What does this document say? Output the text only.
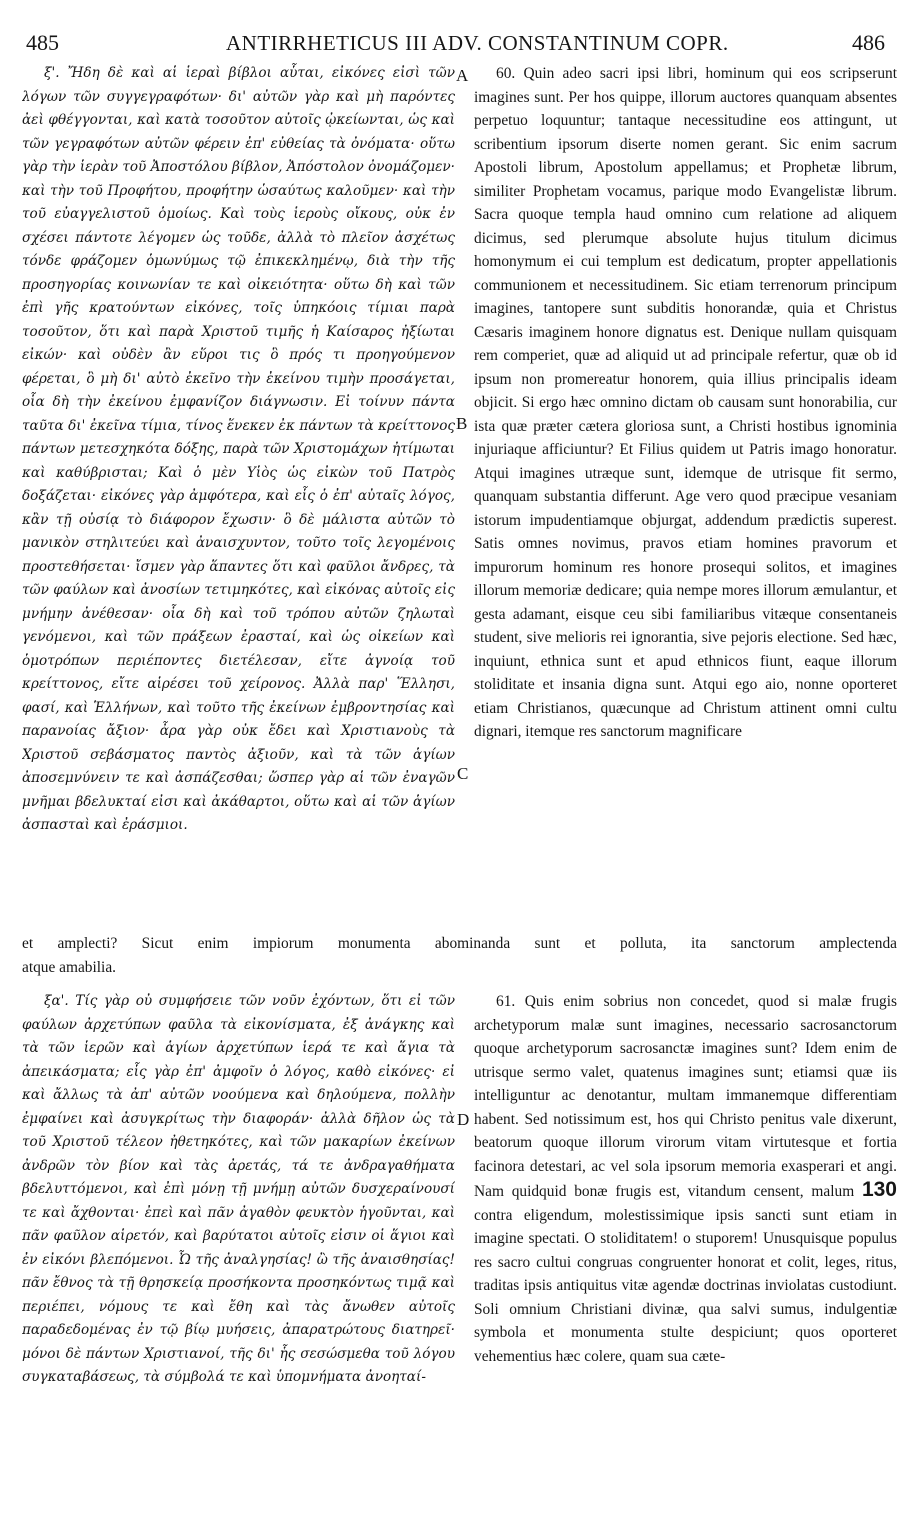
485	ANTIRRHETICUS III ADV. CONSTANTINUM COPR.	486

ξ'. Ἤδη δὲ καὶ αἱ ἱεραὶ βίβλοι αὗται, εἰκόνες εἰσὶ τῶν λόγων τῶν συγγεγραφότων· δι' αὐτῶν γὰρ καὶ μὴ παρόντες ἀεὶ φθέγγονται, καὶ κατὰ τοσοῦτον αὐτοῖς ᾠκείωνται, ὡς καὶ τῶν γεγραφότων αὐτῶν φέρειν ἐπ' εὐθείας τὰ ὀνόματα· οὕτω γὰρ τὴν ἱερὰν τοῦ Ἀποστόλου βίβλον, Ἀπόστολον ὀνομάζομεν· καὶ τὴν τοῦ Προφήτου, προφήτην ὡσαύτως καλοῦμεν· καὶ τὴν τοῦ εὐαγγελιστοῦ ὁμοίως. Καὶ τοὺς ἱεροὺς οἴκους, οὐκ ἐν σχέσει πάντοτε λέγομεν ὡς τοῦδε, ἀλλὰ τὸ πλεῖον ἀσχέτως τόνδε φράζομεν ὁμωνύμως τῷ ἐπικεκλημένῳ, διὰ τὴν τῆς προσηγορίας κοινωνίαν τε καὶ οἰκειότητα· οὕτω δὴ καὶ τῶν ἐπὶ γῆς κρατούντων εἰκόνες, τοῖς ὑπηκόοις τίμιαι παρὰ τοσοῦτον, ὅτι καὶ παρὰ Χριστοῦ τιμῆς ἡ Καίσαρος ἠξίωται εἰκών· καὶ οὐδὲν ἂν εὕροι τις ὃ πρός τι προηγούμενον φέρεται, ὃ μὴ δι' αὐτὸ ἐκεῖνο τὴν ἐκείνου τιμὴν προσάγεται, οἷα δὴ τὴν ἐκείνου ἐμφανίζον διάγνωσιν. Εἰ τοίνυν πάντα ταῦτα δι' ἐκεῖνα τίμια, τίνος ἕνεκεν ἐκ πάντων τὰ κρείττονος πάντων μετεσχηκότα δόξης, παρὰ τῶν Χριστομάχων ἠτίμωται καὶ καθύβρισται; Καὶ ὁ μὲν Υἱὸς ὡς εἰκὼν τοῦ Πατρὸς δοξάζεται· εἰκόνες γὰρ ἀμφότερα, καὶ εἷς ὁ ἐπ' αὐταῖς λόγος, κἂν τῇ οὐσίᾳ τὸ διάφορον ἔχωσιν· ὃ δὲ μάλιστα αὐτῶν τὸ μανικὸν στηλιτεύει καὶ ἀναισχυντον, τοῦτο τοῖς λεγομένοις προστεθήσεται· ἴσμεν γὰρ ἅπαντες ὅτι καὶ φαῦλοι ἄνδρες, τὰ τῶν φαύλων καὶ ἀνοσίων τετιμηκότες, καὶ εἰκόνας αὐτοῖς εἰς μνήμην ἀνέθεσαν· οἷα δὴ καὶ τοῦ τρόπου αὐτῶν ζηλωταὶ γενόμενοι, καὶ τῶν πράξεων ἐρασταί, καὶ ὡς οἰκείων καὶ ὁμοτρόπων περιέποντες διετέλεσαν, εἴτε ἀγνοίᾳ τοῦ κρείττονος, εἴτε αἱρέσει τοῦ χείρονος. Ἀλλὰ παρ' Ἕλλησι, φασί, καὶ Ἑλλήνων, καὶ τοῦτο τῆς ἐκείνων ἐμβροντησίας καὶ παρανοίας ἄξιον· ἆρα γὰρ οὐκ ἔδει καὶ Χριστιανοὺς τὰ Χριστοῦ σεβάσματος παντὸς ἀξιοῦν, καὶ τὰ τῶν ἁγίων ἀποσεμνύνειν τε καὶ ἀσπάζεσθαι; ὥσπερ γὰρ αἱ τῶν ἐναγῶν μνῆμαι βδελυκταί εἰσι καὶ ἀκάθαρτοι, οὕτω καὶ αἱ τῶν ἁγίων ἀσπασταὶ καὶ ἐράσμιοι.

60. Quin adeo sacri ipsi libri, hominum qui eos scripserunt imagines sunt. Per hos quippe, illorum auctores quanquam absentes perpetuo loquuntur; tantaque necessitudine eos attingunt, ut scribentium ipsorum diserte nomen gerant. Sic enim sacrum Apostoli librum, Apostolum appellamus; et Prophetæ librum, similiter Prophetam vocamus, parique modo Evangelistæ librum. Sacra quoque templa haud omnino cum relatione ad aliquem dicimus, sed plerumque absolute hujus titulum dicimus homonymum ei cui templum est dedicatum, propter appellationis communionem et necessitudinem. Sic etiam terrenorum principum imagines, tantopere sunt subditis honorandæ, quia et Christus Cæsaris imaginem honore dignatus est. Denique nullam quisquam rem comperiet, quæ ad aliquid ut ad principale refertur, quæ ob id ipsum non promereatur honorem, quia illius principalis ideam objicit. Si ergo hæc omnino dictam ob causam sunt honorabilia, cur ista quæ præter cætera gloriosa sunt, a Christi hostibus ignominia injuriaque afficiuntur? Et Filius quidem ut Patris imago honoratur. Atqui imagines utræque sunt, idemque de utrisque fit sermo, quanquam substantia differunt. Age vero quod præcipue vesaniam istorum impudentiamque objurgat, addendum prædictis superest. Satis omnes novimus, pravos etiam homines pravorum et impurorum hominum res honore prosequi solitos, et imagines illorum memoriæ dedicare; quia nempe mores illorum æmulantur, et gesta adamant, eisque ceu sibi familiaribus vitæque consentaneis student, sive melioris rei ignorantia, sive pejoris electione. Sed hæc, inquiunt, ethnica sunt et apud ethnicos fiunt, eaque illorum stoliditate et insania digna sunt. Atqui ego aio, nonne oporteret etiam Christianos, quæcunque ad Christum attinent omni cultu dignari, itemque res sanctorum magnificare

et amplecti? Sicut enim impiorum monumenta abominanda sunt et polluta, ita sanctorum amplectenda
atque amabilia.

ξα'. Τίς γὰρ οὐ συμφήσειε τῶν νοῦν ἐχόντων, ὅτι εἰ τῶν φαύλων ἀρχετύπων φαῦλα τὰ εἰκονίσματα, ἐξ ἀνάγκης καὶ τὰ τῶν ἱερῶν καὶ ἁγίων ἀρχετύπων ἱερά τε καὶ ἅγια τὰ ἀπεικάσματα; εἷς γὰρ ἐπ' ἀμφοῖν ὁ λόγος, καθὸ εἰκόνες· εἰ καὶ ἄλλως τὰ ἀπ' αὐτῶν νοούμενα καὶ δηλούμενα, πολλὴν ἐμφαίνει καὶ ἀσυγκρίτως τὴν διαφοράν· ἀλλὰ δῆλον ὡς τὰ τοῦ Χριστοῦ τέλεον ἠθετηκότες, καὶ τῶν μακαρίων ἐκείνων ἀνδρῶν τὸν βίον καὶ τὰς ἀρετάς, τά τε ἀνδραγαθήματα βδελυττόμενοι, καὶ ἐπὶ μόνῃ τῇ μνήμῃ αὐτῶν δυσχεραίνουσί τε καὶ ἄχθονται· ἐπεὶ καὶ πᾶν ἀγαθὸν φευκτὸν ἡγοῦνται, καὶ πᾶν φαῦλον αἱρετόν, καὶ βαρύτατοι αὐτοῖς εἰσιν οἱ ἅγιοι καὶ ἐν εἰκόνι βλεπόμενοι. Ὦ τῆς ἀναλγησίας! ὢ τῆς ἀναισθησίας! πᾶν ἔθνος τὰ τῇ θρησκείᾳ προσήκοντα προσηκόντως τιμᾷ καὶ περιέπει, νόμους τε καὶ ἔθη καὶ τὰς ἄνωθεν αὐτοῖς παραδεδομένας ἐν τῷ βίῳ μυήσεις, ἀπαρατρώτους διατηρεῖ· μόνοι δὲ πάντων Χριστιανοί, τῆς δι' ἧς σεσώσμεθα τοῦ λόγου συγκαταβάσεως, τὰ σύμβολά τε καὶ ὑπομνήματα ἀνοηταί-

61. Quis enim sobrius non concedet, quod si malæ frugis archetyporum malæ sunt imagines, necessario sacrosanctorum quoque archetyporum sacrosanctæ imagines sunt? Idem enim de utrisque sermo valet, quatenus imagines sunt; etiamsi quæ iis intelliguntur ac denotantur, multam immanemque differentiam habent. Sed notissimum est, hos qui Christo penitus vale dixerunt, beatorum quoque illorum virorum vitam virtutesque et fortia facinora detestari, ac vel sola ipsorum memoria exasperari et angi. Nam quidquid bonæ frugis est, vitandum censent, malum 130 contra eligendum, molestissimique ipsis sancti sunt etiam in imagine spectati. O stoliditatem! o stuporem! Unusquisque populus res sacro cultui congruas congruenter honorat et colit, leges, ritus, traditas ipsis antiquitus vitæ agendæ doctrinas inviolatas custodiunt. Soli omnium Christiani divinæ, qua salvi sumus, indulgentiæ symbola et monumenta stulte despiciunt; quos oporteret vehementius hæc colere, quam sua cæte-

A
B
C
D
